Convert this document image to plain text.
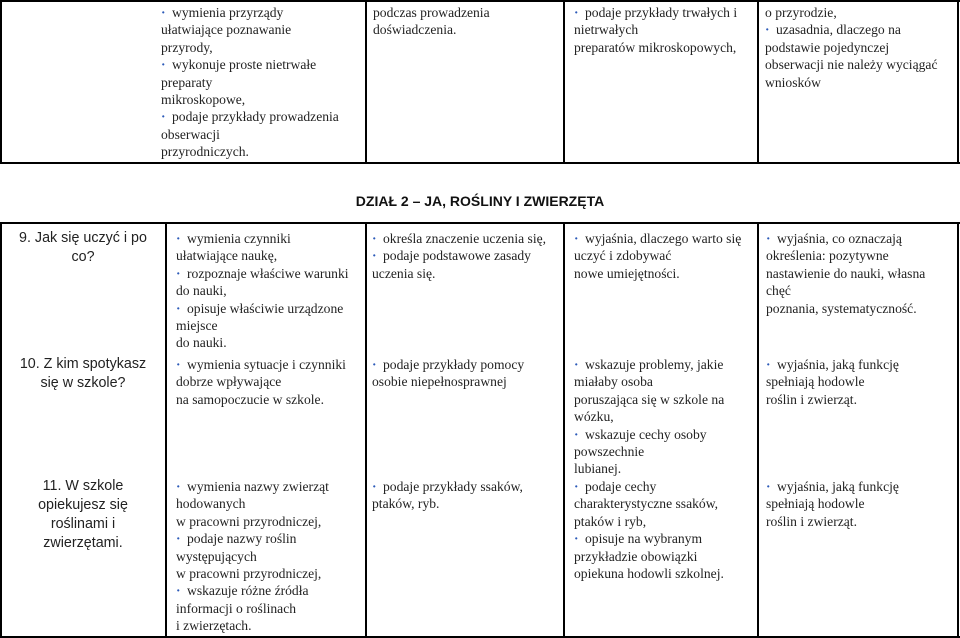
· wymienia przyrządy
ułatwiające poznawanie
przyrody,
· wykonuje proste nietrwałe
preparaty
mikroskopowe,
· podaje przykłady prowadzenia
obserwacji
przyrodniczych.
podczas prowadzenia
doświadczenia.
· podaje przykłady trwałych i
nietrwałych
preparatów mikroskopowych,
o przyrodzie,
· uzasadnia, dlaczego na
podstawie pojedynczej
obserwacji nie należy wyciągać
wniosków
DZIAŁ 2 – JA, ROŚLINY I ZWIERZĘTA
9. Jak się uczyć i po
co?
10. Z kim spotykasz
się w szkole?
11. W szkole
opiekujesz się
roślinami i
zwierzętami.
· wymienia czynniki
ułatwiające naukę,
· rozpoznaje właściwe warunki
do nauki,
· opisuje właściwie urządzone
miejsce
do nauki.
· określa znaczenie uczenia się,
· podaje podstawowe zasady
uczenia się.
· wyjaśnia, dlaczego warto się
uczyć i zdobywać
nowe umiejętności.
· wyjaśnia, co oznaczają
określenia: pozytywne
nastawienie do nauki, własna
chęć
poznania, systematyczność.
· wymienia sytuacje i czynniki
dobrze wpływające
na samopoczucie w szkole.
· podaje przykłady pomocy
osobie niepełnosprawnej
· wskazuje problemy, jakie
miałaby osoba
poruszająca się w szkole na
wózku,
· wskazuje cechy osoby
powszechnie
lubianej.
· wyjaśnia, jaką funkcję
spełniają hodowle
roślin i zwierząt.
· wymienia nazwy zwierząt
hodowanych
w pracowni przyrodniczej,
· podaje nazwy roślin
występujących
w pracowni przyrodniczej,
· wskazuje różne źródła
informacji o roślinach
i zwierzętach.
· podaje przykłady ssaków,
ptaków, ryb.
· podaje cechy
charakterystyczne ssaków,
ptaków i ryb,
· opisuje na wybranym
przykładzie obowiązki
opiekuna hodowli szkolnej.
· wyjaśnia, jaką funkcję
spełniają hodowle
roślin i zwierząt.
